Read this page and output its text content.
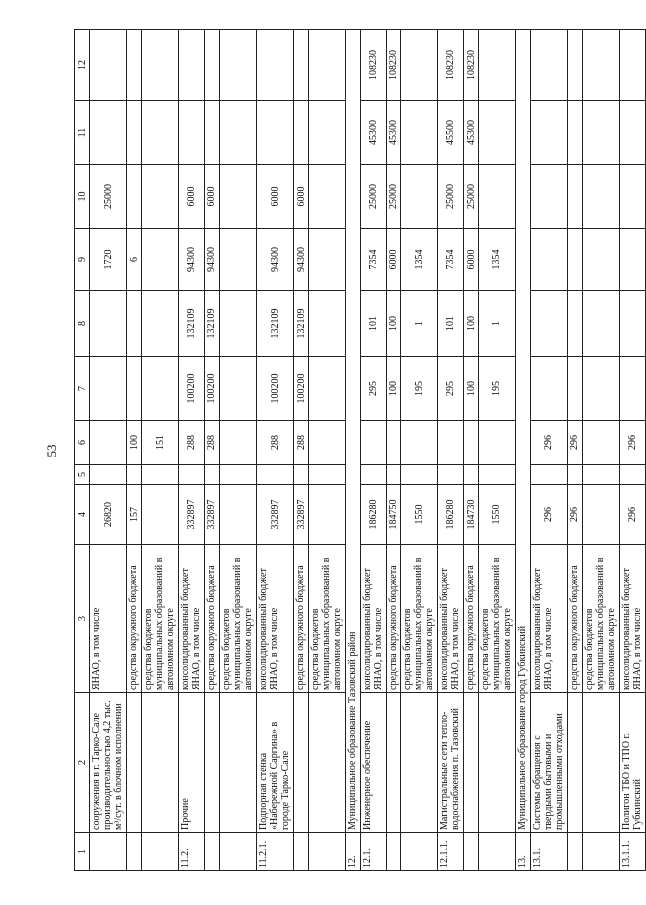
53
1	2	3	4	5	6	7	8	9	10	11	12
	сооружения в г. Тарко-Сале производительностью 4,2 тыс. м³/сут. в блочном исполнении	ЯНАО, в том числе	26820					1720	25000		
		средства окружного бюджета	157		100			6			
		средства бюджетов муниципальных образований в автономном округе			151						
11.2.	Прочие	консолидированный бюджет ЯНАО, в том числе	332897		288	100200	132109	94300	6000		
		средства окружного бюджета	332897		288	100200	132109	94300	6000		
		средства бюджетов муниципальных образований в автономном округе									
11.2.1.	Подпорная стенка «Набережной Саргина» в городе Тарко-Сале	консолидированный бюджет ЯНАО, в том числе	332897		288	100200	132109	94300	6000		
		средства окружного бюджета	332897		288	100200	132109	94300	6000		
		средства бюджетов муниципальных образований в автономном округе									
12.	Муниципальное образование Тазовский район										
12.1.	Инженерное обеспечение	консолидированный бюджет ЯНАО, в том числе	186280			295	101	7354	25000	45300	108230
		средства окружного бюджета	184750			100	100	6000	25000	45300	108230
		средства бюджетов муниципальных образований в автономном округе	1550			195	1	1354			
12.1.1.	Магистральные сети тепло-водоснабжения п. Тазовский	консолидированный бюджет ЯНАО, в том числе	186280			295	101	7354	25000	45500	108230
		средства окружного бюджета	184730			100	100	6000	25000	45300	108230
		средства бюджетов муниципальных образований в автономном округе	1550			195	1	1354			
13.	Муниципальное образование город Губкинский										
13.1.	Системы обращения с твердыми бытовыми и промышленными отходами	консолидированный бюджет ЯНАО, в том числе	296		296						
		средства окружного бюджета	296		296						
		средства бюджетов муниципальных образований в автономном округе									
13.1.1.	Полигон ТБО и ТПО г. Губкинский	консолидированный бюджет ЯНАО, в том числе	296		296						
